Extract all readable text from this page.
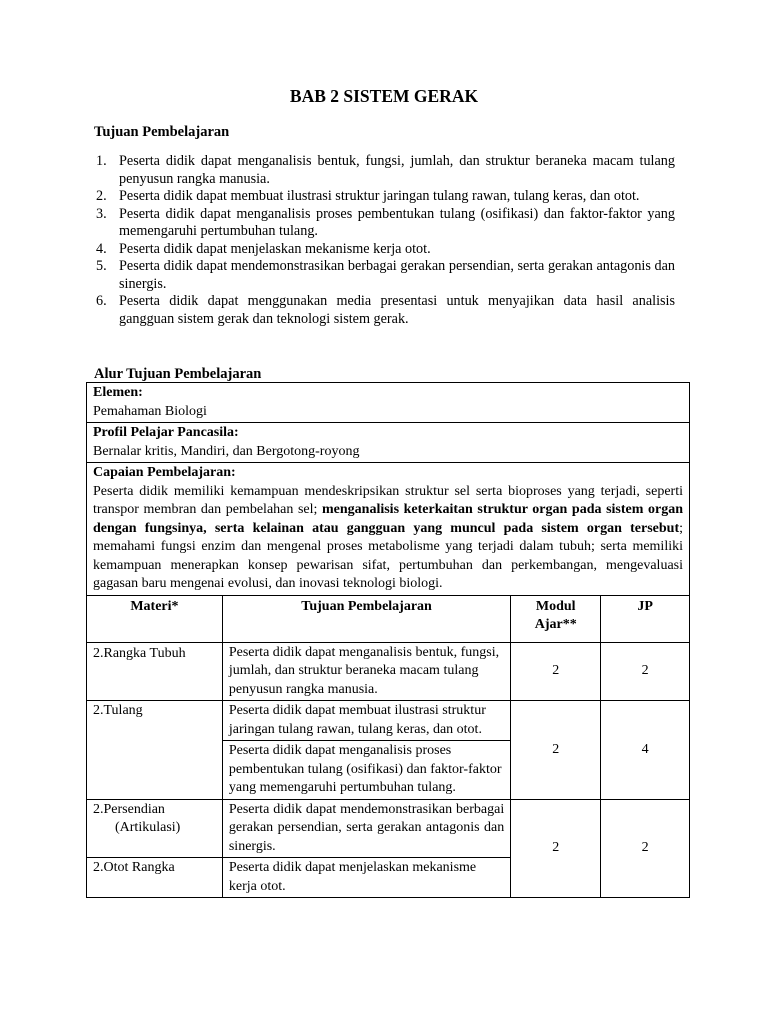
BAB 2 SISTEM GERAK
Tujuan Pembelajaran
1. Peserta didik dapat menganalisis bentuk, fungsi, jumlah, dan struktur beraneka macam tulang penyusun rangka manusia.
2. Peserta didik dapat membuat ilustrasi struktur jaringan tulang rawan, tulang keras, dan otot.
3. Peserta didik dapat menganalisis proses pembentukan tulang (osifikasi) dan faktor-faktor yang memengaruhi pertumbuhan tulang.
4. Peserta didik dapat menjelaskan mekanisme kerja otot.
5. Peserta didik dapat mendemonstrasikan berbagai gerakan persendian, serta gerakan antagonis dan sinergis.
6. Peserta didik dapat menggunakan media presentasi untuk menyajikan data hasil analisis gangguan sistem gerak dan teknologi sistem gerak.
Alur Tujuan Pembelajaran
Elemen:
Pemahaman Biologi			

Profil Pelajar Pancasila:
Bernalar kritis, Mandiri, dan Bergotong-royong			

Capaian Pembelajaran:
Peserta didik memiliki kemampuan mendeskripsikan struktur sel serta bioproses yang terjadi, seperti transpor membran dan pembelahan sel; menganalisis keterkaitan struktur organ pada sistem organ dengan fungsinya, serta kelainan atau gangguan yang muncul pada sistem organ tersebut; memahami fungsi enzim dan mengenal proses metabolisme yang terjadi dalam tubuh; serta memiliki kemampuan menerapkan konsep pewarisan sifat, pertumbuhan dan perkembangan, mengevaluasi gagasan baru mengenai evolusi, dan inovasi teknologi biologi.			

Materi*	Tujuan Pembelajaran	Modul Ajar**	JP
2.Rangka Tubuh	Peserta didik dapat menganalisis bentuk, fungsi, jumlah, dan struktur beraneka macam tulang penyusun rangka manusia.	2	2
2.Tulang	Peserta didik dapat membuat ilustrasi struktur jaringan tulang rawan, tulang keras, dan otot.	2	4
	Peserta didik dapat menganalisis proses pembentukan tulang (osifikasi) dan faktor-faktor yang memengaruhi pertumbuhan tulang.		

2.Persendian
(Artikulasi)	Peserta didik dapat mendemonstrasikan berbagai gerakan persendian, serta gerakan antagonis dan sinergis.	2	2
2.Otot Rangka	Peserta didik dapat menjelaskan mekanisme kerja otot.		
